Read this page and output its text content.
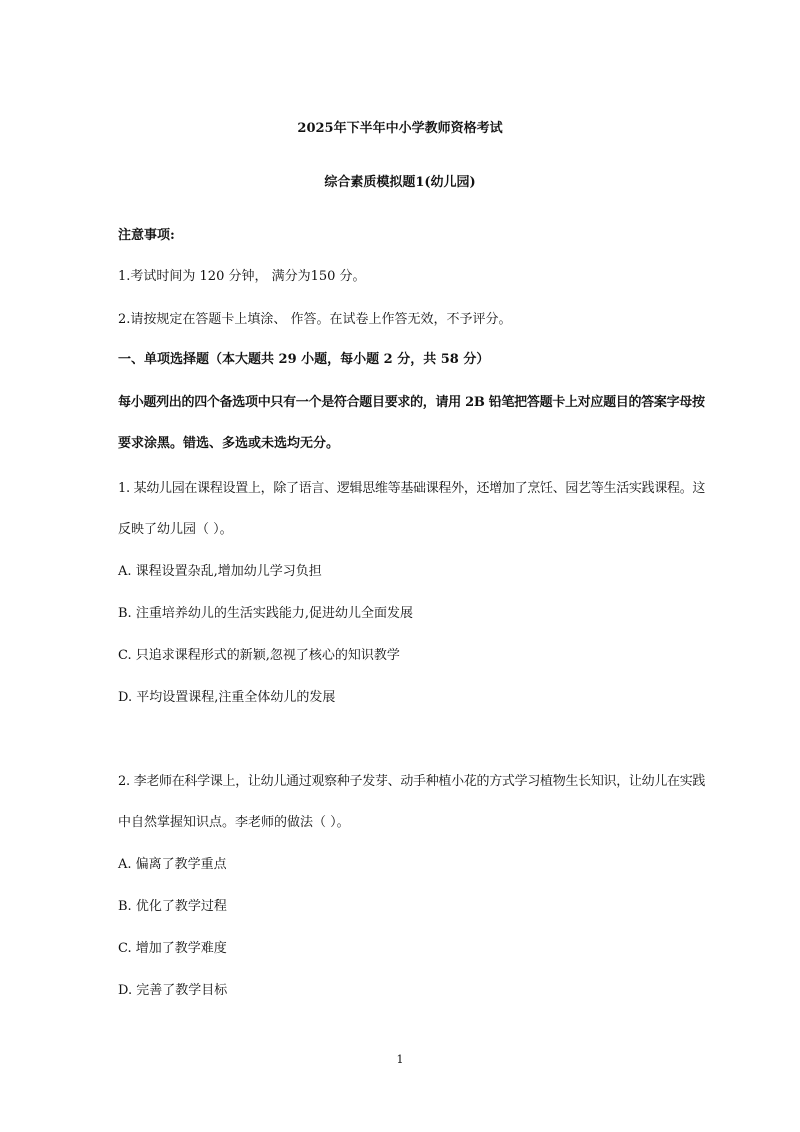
2025年下半年中小学教师资格考试
综合素质模拟题1(幼儿园)
注意事项:
1.考试时间为 120 分钟， 满分为150 分。
2.请按规定在答题卡上填涂、 作答。在试卷上作答无效，不予评分。
一、单项选择题（本大题共 29 小题，每小题 2 分，共 58 分）
每小题列出的四个备选项中只有一个是符合题目要求的，请用 2B 铅笔把答题卡上对应题目的答案字母按
要求涂黑。错选、多选或未选均无分。
1. 某幼儿园在课程设置上，除了语言、逻辑思维等基础课程外，还增加了烹饪、园艺等生活实践课程。这
反映了幼儿园（ ）。
A. 课程设置杂乱,增加幼儿学习负担
B. 注重培养幼儿的生活实践能力,促进幼儿全面发展
C. 只追求课程形式的新颖,忽视了核心的知识教学
D. 平均设置课程,注重全体幼儿的发展
2. 李老师在科学课上，让幼儿通过观察种子发芽、动手种植小花的方式学习植物生长知识，让幼儿在实践
中自然掌握知识点。李老师的做法（ ）。
A. 偏离了教学重点
B. 优化了教学过程
C. 增加了教学难度
D. 完善了教学目标
1
